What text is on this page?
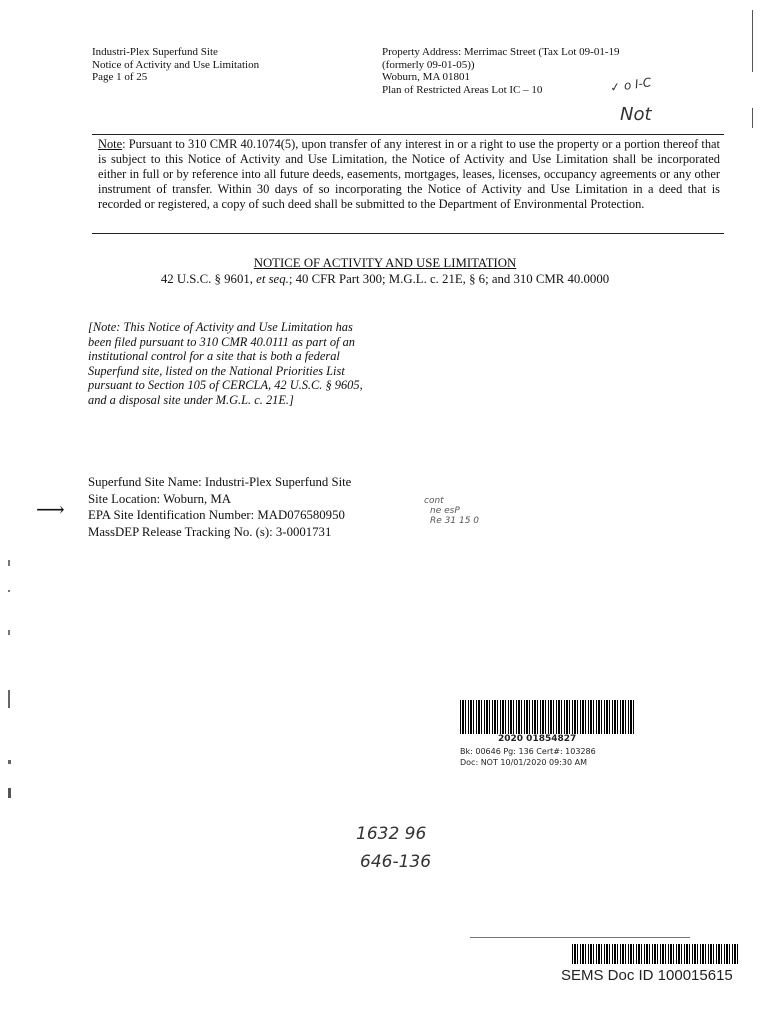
Industri-Plex Superfund Site
Notice of Activity and Use Limitation
Page 1 of 25
Property Address: Merrimac Street (Tax Lot 09-01-19
(formerly 09-01-05))
Woburn, MA 01801
Plan of Restricted Areas Lot IC – 10	✓ o I-C
Not
Note: Pursuant to 310 CMR 40.1074(5), upon transfer of any interest in or a right to use the property or a portion thereof that is subject to this Notice of Activity and Use Limitation, the Notice of Activity and Use Limitation shall be incorporated either in full or by reference into all future deeds, easements, mortgages, leases, licenses, occupancy agreements or any other instrument of transfer. Within 30 days of so incorporating the Notice of Activity and Use Limitation in a deed that is recorded or registered, a copy of such deed shall be submitted to the Department of Environmental Protection.
NOTICE OF ACTIVITY AND USE LIMITATION
42 U.S.C. § 9601, et seq.; 40 CFR Part 300; M.G.L. c. 21E, § 6; and 310 CMR 40.0000
[Note: This Notice of Activity and Use Limitation has been filed pursuant to 310 CMR 40.0111 as part of an institutional control for a site that is both a federal Superfund site, listed on the National Priorities List pursuant to Section 105 of CERCLA, 42 U.S.C. § 9605, and a disposal site under M.G.L. c. 21E.]
Superfund Site Name: Industri-Plex Superfund Site
Site Location: Woburn, MA
EPA Site Identification Number: MAD076580950
MassDEP Release Tracking No. (s): 3-0001731
⟶	cont
ne esP
Re 31 15 0
2020 01854827
Bk: 00646 Pg: 136 Cert#: 103286
Doc: NOT 10/01/2020 09:30 AM
1632 96
646-136
SEMS Doc ID 100015615
